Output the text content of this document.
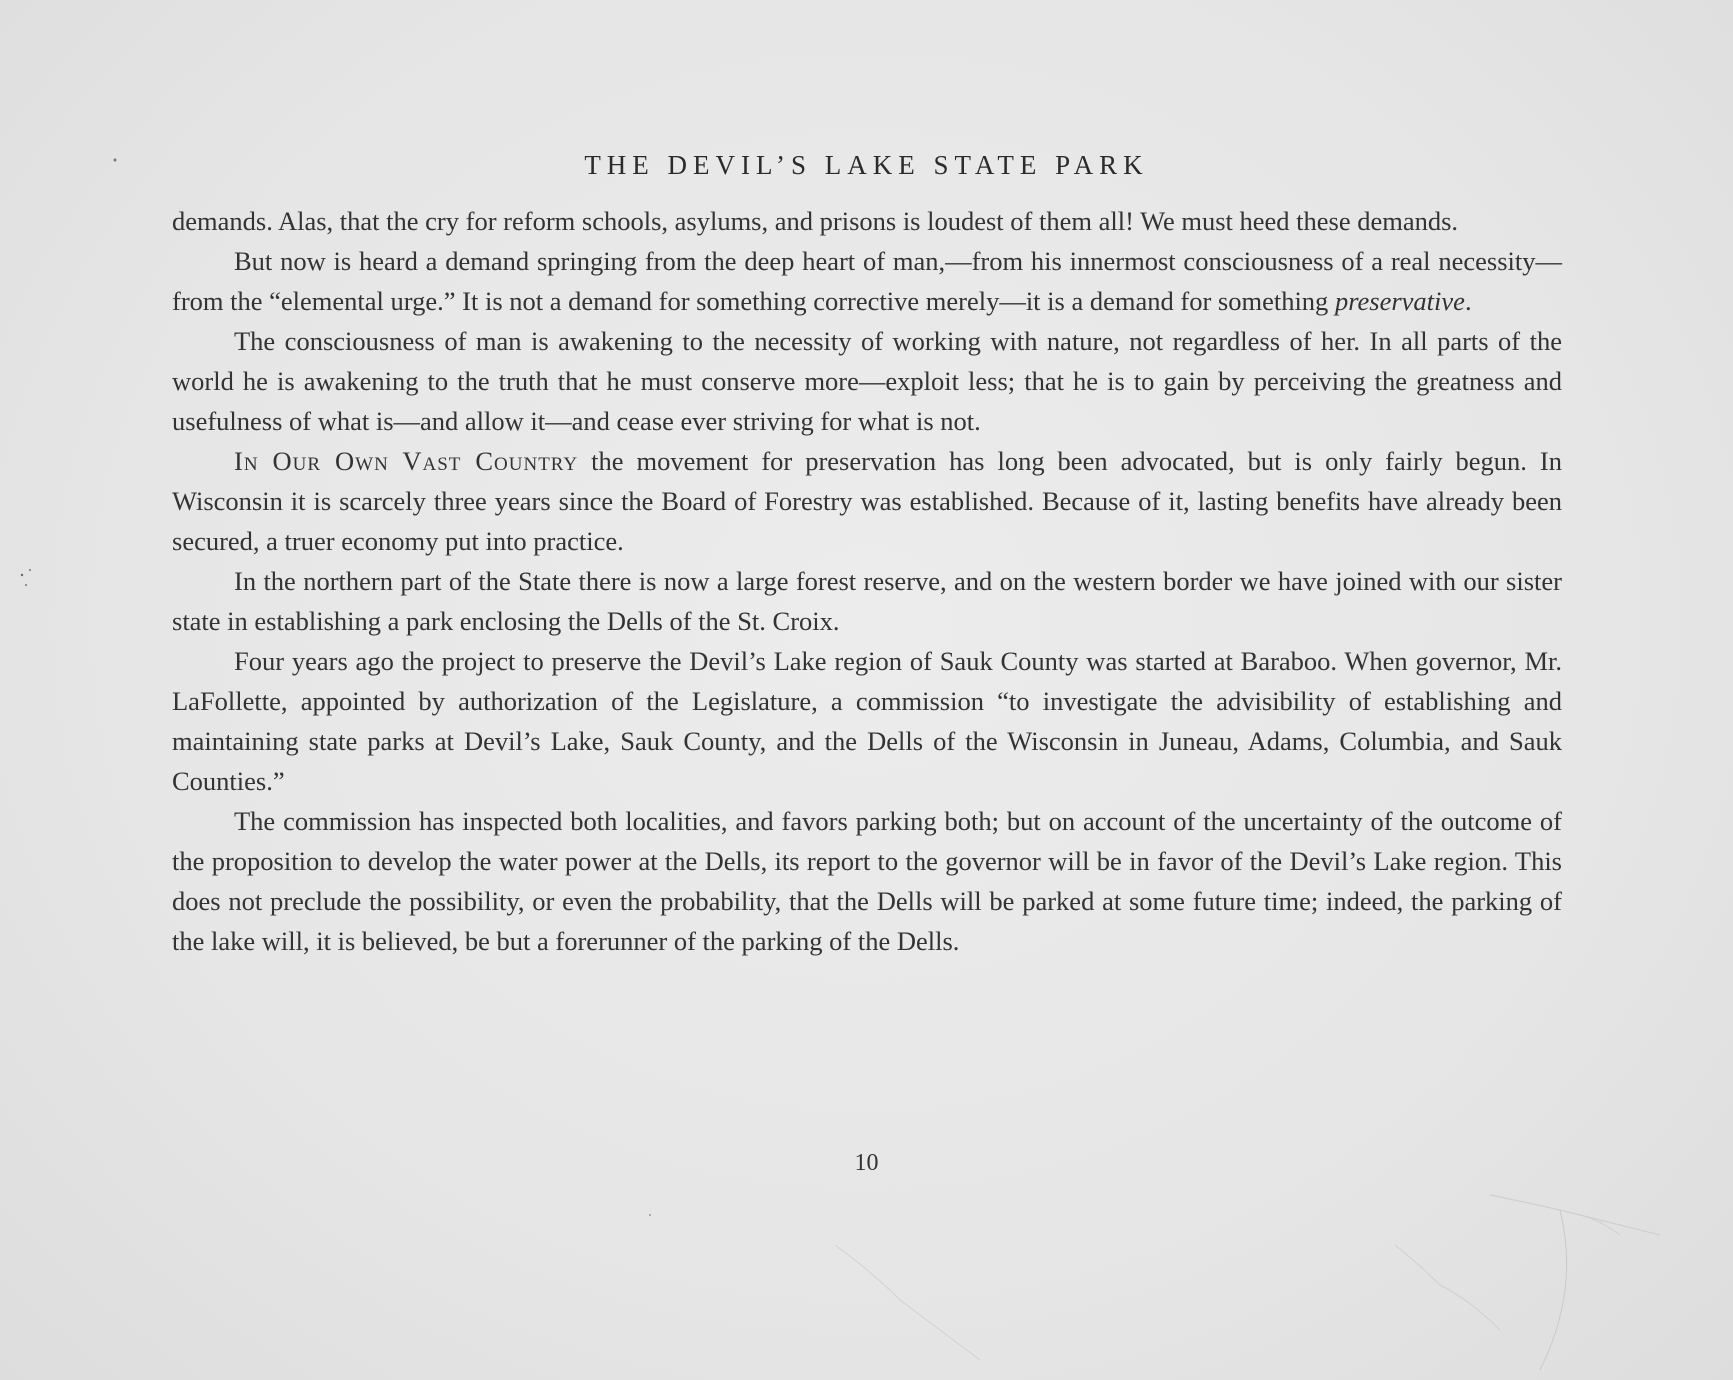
THE DEVIL’S LAKE STATE PARK

demands. Alas, that the cry for reform schools, asylums, and prisons is loudest of them all! We must heed these demands.

But now is heard a demand springing from the deep heart of man,—from his innermost consciousness of a real necessity—from the “elemental urge.” It is not a demand for something corrective merely—it is a demand for something preservative.

The consciousness of man is awakening to the necessity of working with nature, not regardless of her. In all parts of the world he is awakening to the truth that he must conserve more—exploit less; that he is to gain by perceiving the greatness and usefulness of what is—and allow it—and cease ever striving for what is not.

In Our Own Vast Country the movement for preservation has long been advocated, but is only fairly begun. In Wisconsin it is scarcely three years since the Board of Forestry was established. Because of it, lasting benefits have already been secured, a truer economy put into practice.

In the northern part of the State there is now a large forest reserve, and on the western border we have joined with our sister state in establishing a park enclosing the Dells of the St. Croix.

Four years ago the project to preserve the Devil’s Lake region of Sauk County was started at Baraboo. When governor, Mr. LaFollette, appointed by authorization of the Legislature, a commission “to investigate the advisibility of establishing and maintaining state parks at Devil’s Lake, Sauk County, and the Dells of the Wisconsin in Juneau, Adams, Columbia, and Sauk Counties.”

The commission has inspected both localities, and favors parking both; but on account of the uncertainty of the outcome of the proposition to develop the water power at the Dells, its report to the governor will be in favor of the Devil’s Lake region. This does not preclude the possibility, or even the probability, that the Dells will be parked at some future time; indeed, the parking of the lake will, it is believed, be but a forerunner of the parking of the Dells.

10
